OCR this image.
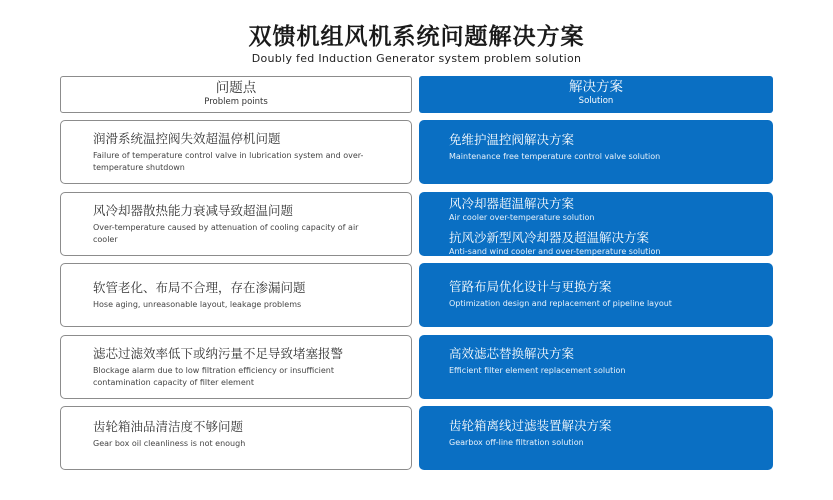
双馈机组风机系统问题解决方案
Doubly fed Induction Generator system problem solution
问题点
Problem points
解决方案
Solution
润滑系统温控阀失效超温停机问题
Failure of temperature control valve in lubrication system and over-temperature shutdown
免维护温控阀解决方案
Maintenance free temperature control valve solution
风冷却器散热能力衰减导致超温问题
Over-temperature caused by attenuation of cooling capacity of air cooler
风冷却器超温解决方案
Air cooler over-temperature solution
抗风沙新型风冷却器及超温解决方案
Anti-sand wind cooler and over-temperature solution
软管老化、布局不合理，存在渗漏问题
Hose aging, unreasonable layout, leakage problems
管路布局优化设计与更换方案
Optimization design and replacement of pipeline layout
滤芯过滤效率低下或纳污量不足导致堵塞报警
Blockage alarm due to low filtration efficiency or insufficient contamination capacity of filter element
高效滤芯替换解决方案
Efficient filter element replacement solution
齿轮箱油品清洁度不够问题
Gear box oil cleanliness is not enough
齿轮箱离线过滤装置解决方案
Gearbox off-line filtration solution
